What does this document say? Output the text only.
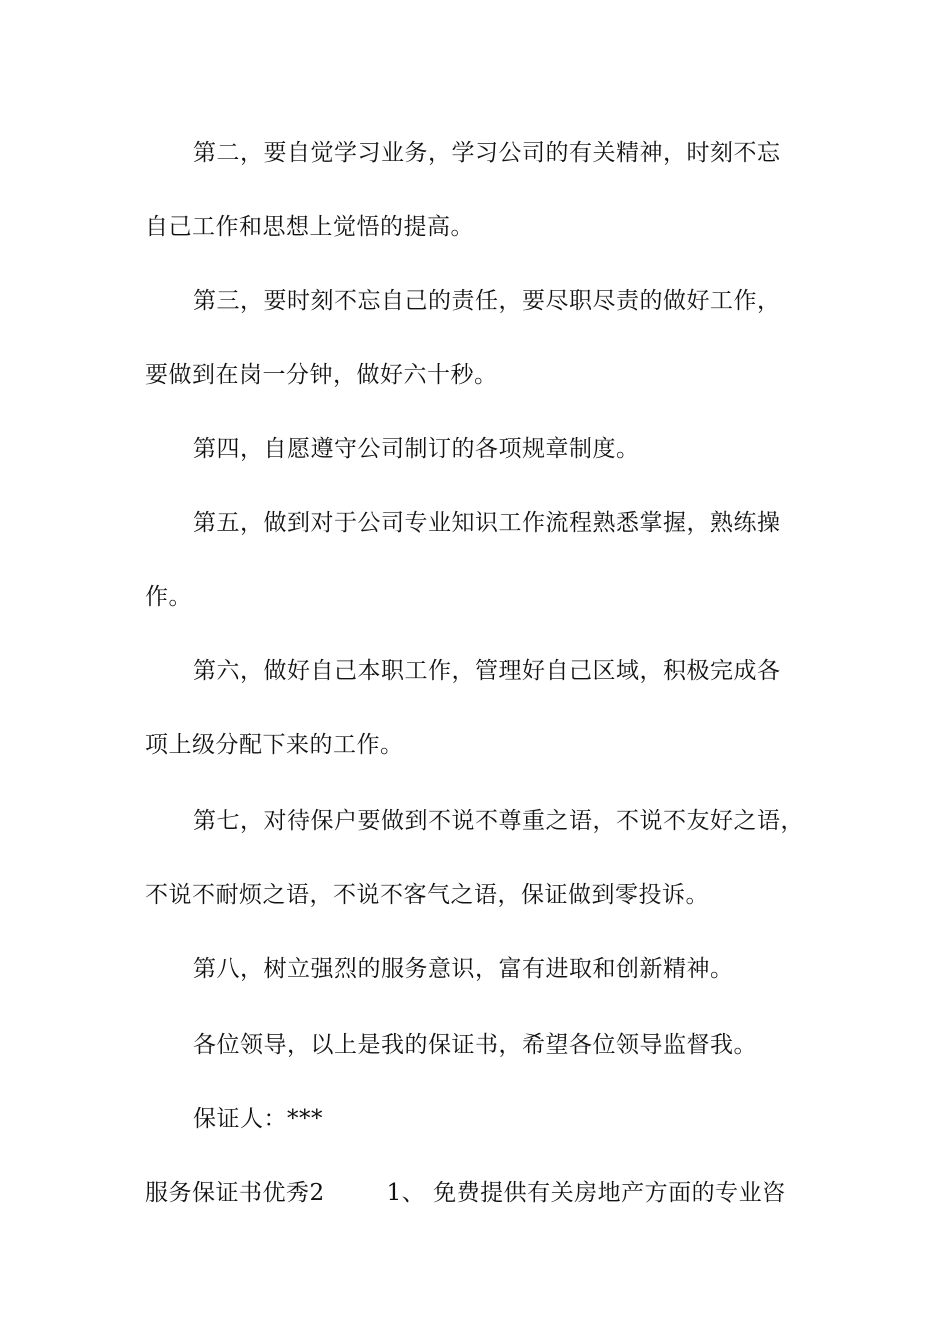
第二，要自觉学习业务，学习公司的有关精神，时刻不忘
自己工作和思想上觉悟的提高。
第三，要时刻不忘自己的责任，要尽职尽责的做好工作，
要做到在岗一分钟，做好六十秒。
第四，自愿遵守公司制订的各项规章制度。
第五，做到对于公司专业知识工作流程熟悉掌握，熟练操
作。
第六，做好自己本职工作，管理好自己区域，积极完成各
项上级分配下来的工作。
第七，对待保户要做到不说不尊重之语，不说不友好之语，
不说不耐烦之语，不说不客气之语，保证做到零投诉。
第八，树立强烈的服务意识，富有进取和创新精神。
各位领导，以上是我的保证书，希望各位领导监督我。
保证人：***
服务保证书优秀2	1、 免费提供有关房地产方面的专业咨
